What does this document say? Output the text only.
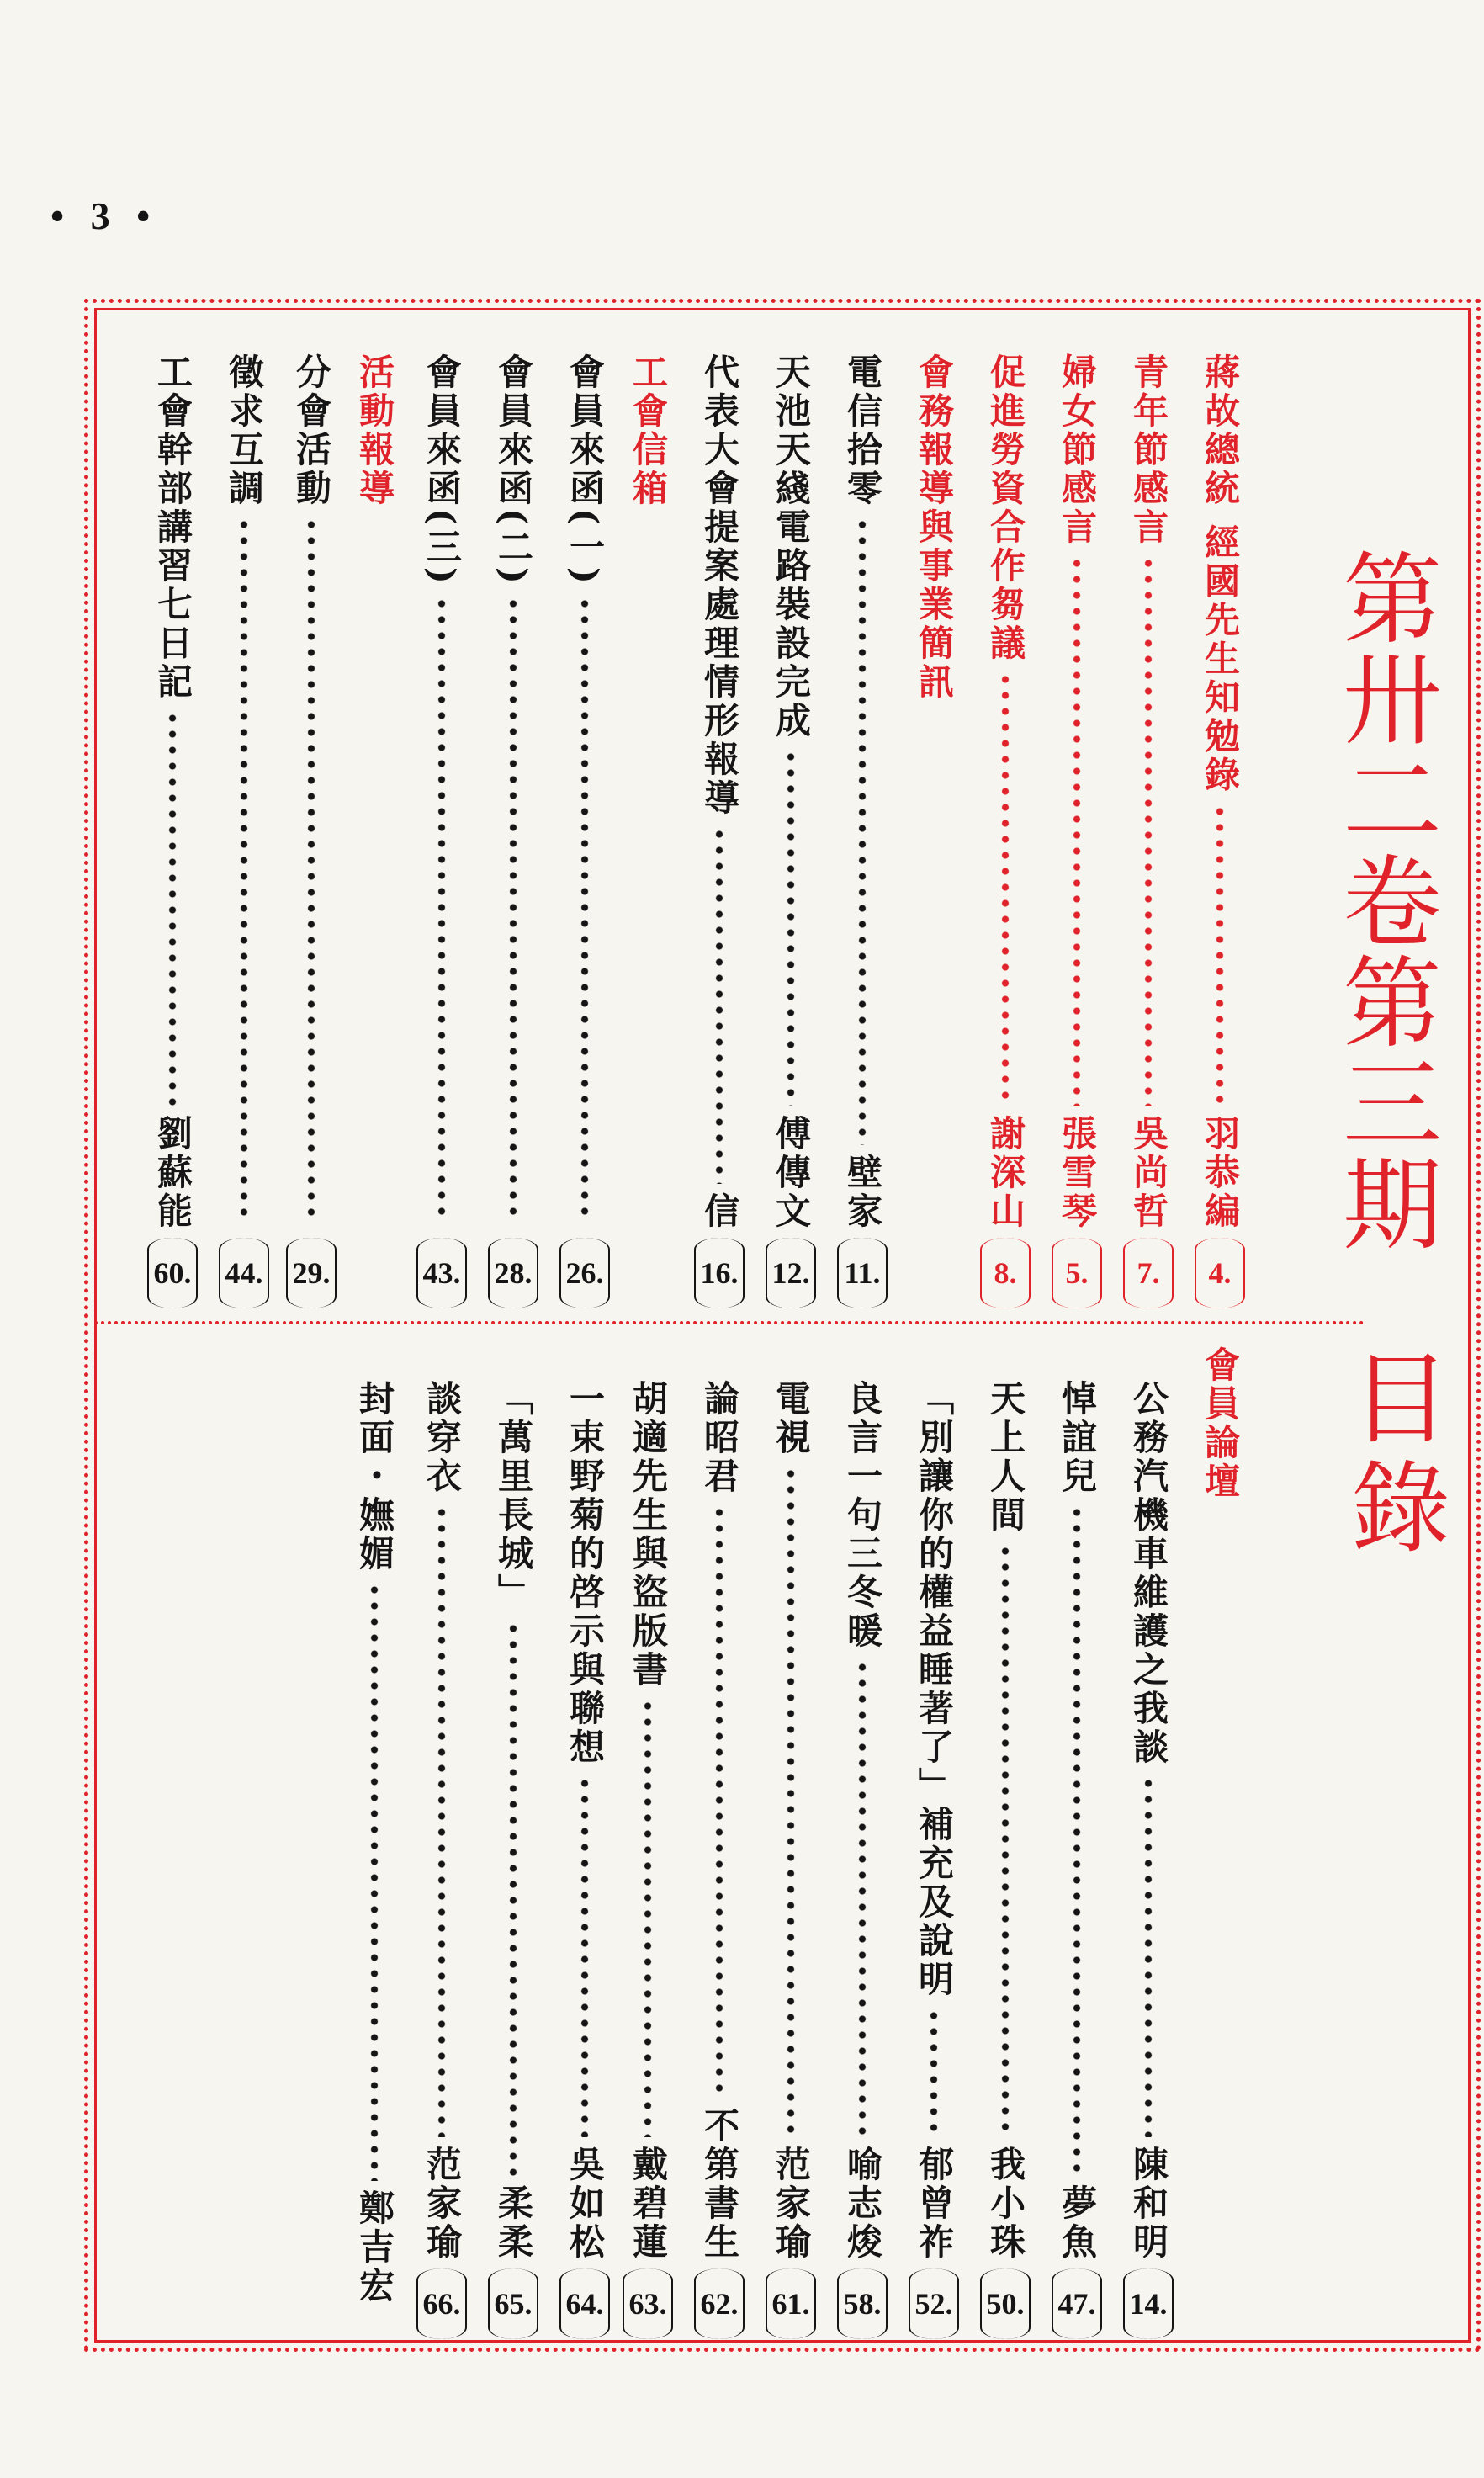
• 3 •
第卅二卷第三期
目錄
蔣故總統 經國先生知勉錄
羽恭編
4.
青年節感言
吳尚哲
7.
婦女節感言
張雪琴
5.
促進勞資合作芻議
謝深山
8.
會務報導與事業簡訊
電信拾零
壁家
11.
天池天綫電路裝設完成
傅傳文
12.
代表大會提案處理情形報導
信
16.
工會信箱
會員來函(一)
26.
會員來函(二)
28.
會員來函(三)
43.
活動報導
分會活動
29.
徵求互調
44.
工會幹部講習七日記
劉蘇能
60.
會員論壇
公務汽機車維護之我談
陳和明
14.
悼誼兒
夢魚
47.
天上人間
我小珠
50.
「別讓你的權益睡著了」補充及說明
郁曾祚
52.
良言一句三冬暖
喻志焌
58.
電視
范家瑜
61.
論昭君
不第書生
62.
胡適先生與盜版書
戴碧蓮
63.
一束野菊的啓示與聯想
吳如松
64.
「萬里長城」
柔柔
65.
談穿衣
范家瑜
66.
封面・嫵媚
鄭吉宏
